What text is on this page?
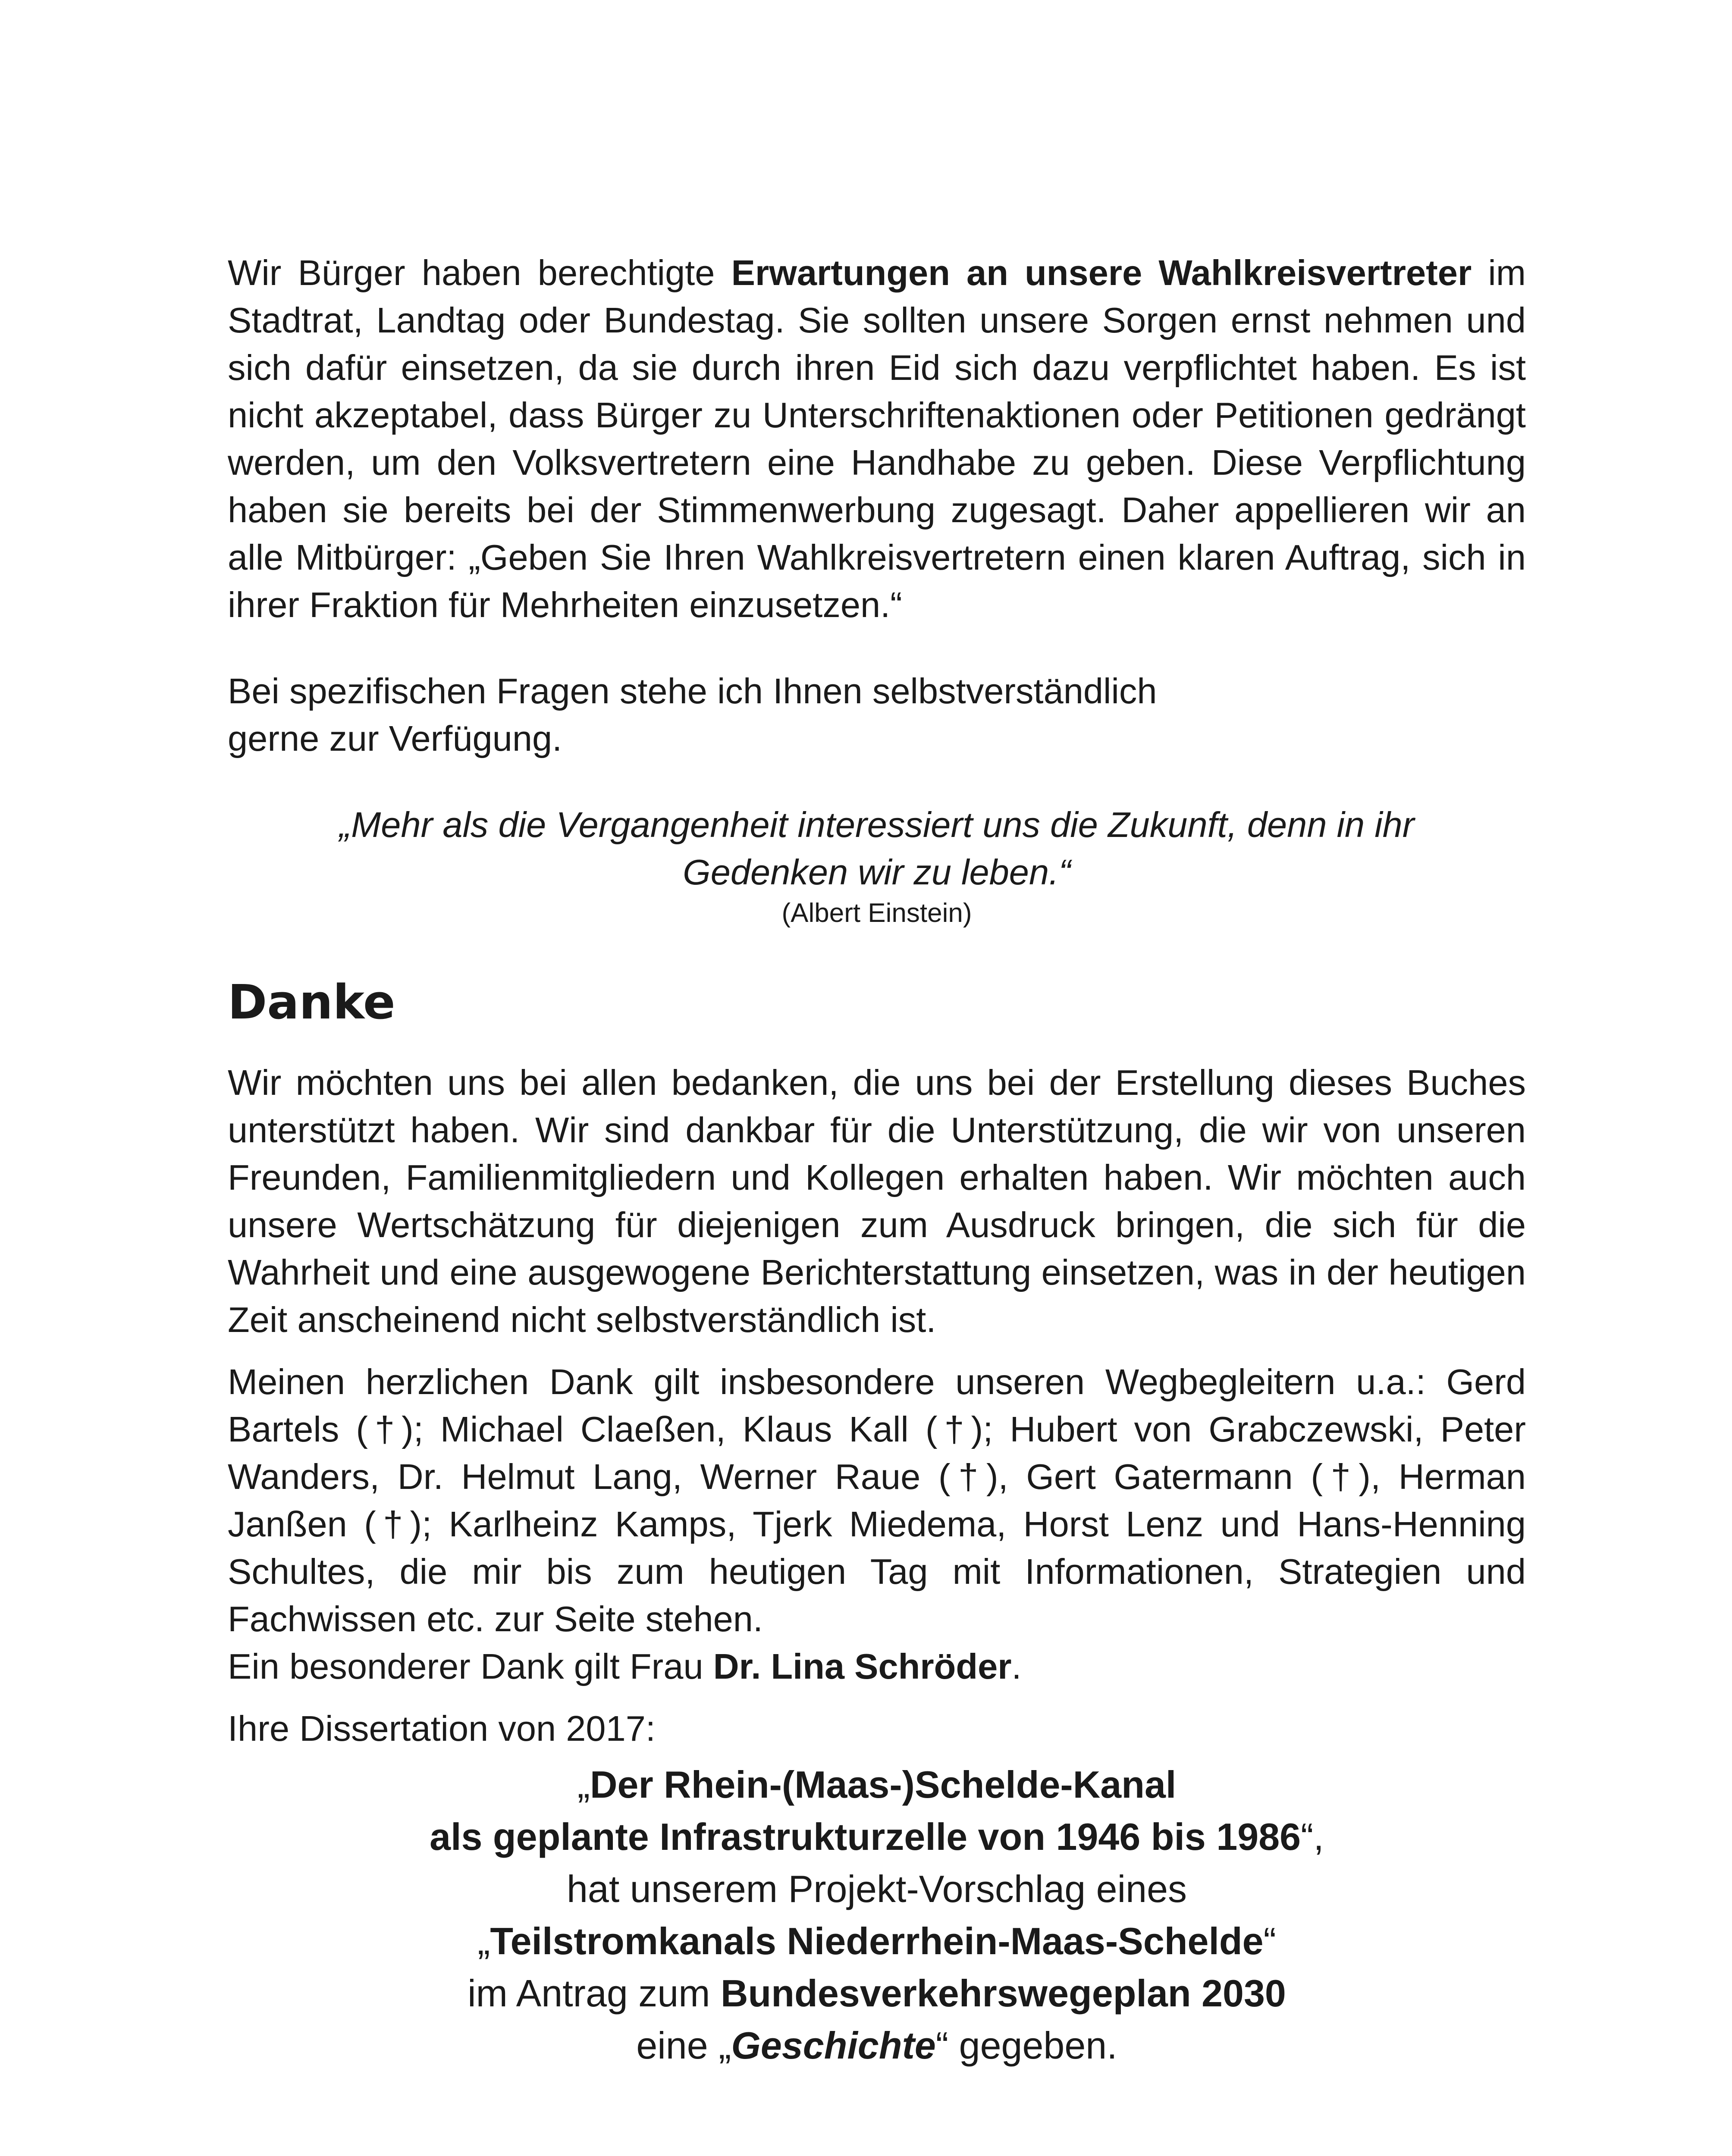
Wir Bürger haben berechtigte Erwartungen an unsere Wahlkreisvertreter im Stadtrat, Landtag oder Bundestag. Sie sollten unsere Sorgen ernst nehmen und sich dafür einsetzen, da sie durch ihren Eid sich dazu verpflichtet haben. Es ist nicht akzeptabel, dass Bürger zu Unterschriftenaktionen oder Petitionen gedrängt werden, um den Volksvertretern eine Handhabe zu geben. Diese Verpflichtung haben sie bereits bei der Stimmenwerbung zugesagt. Daher appellieren wir an alle Mitbürger: „Geben Sie Ihren Wahlkreisvertretern einen klaren Auftrag, sich in ihrer Fraktion für Mehrheiten einzusetzen.“

Bei spezifischen Fragen stehe ich Ihnen selbstverständlich
gerne zur Verfügung.

„Mehr als die Vergangenheit interessiert uns die Zukunft, denn in ihr
Gedenken wir zu leben.“

(Albert Einstein)

Danke

Wir möchten uns bei allen bedanken, die uns bei der Erstellung dieses Buches unterstützt haben. Wir sind dankbar für die Unterstützung, die wir von unseren Freunden, Familienmitgliedern und Kollegen erhalten haben. Wir möchten auch unsere Wertschätzung für diejenigen zum Ausdruck bringen, die sich für die Wahrheit und eine ausgewogene Berichterstattung einsetzen, was in der heutigen Zeit anscheinend nicht selbstverständlich ist.

Meinen herzlichen Dank gilt insbesondere unseren Wegbegleitern u.a.: Gerd Bartels (†); Michael Claeßen, Klaus Kall (†); Hubert von Grabczewski, Peter Wanders, Dr. Helmut Lang, Werner Raue (†), Gert Gatermann (†), Herman Janßen (†); Karlheinz Kamps, Tjerk Miedema, Horst Lenz und Hans-Henning Schultes, die mir bis zum heutigen Tag mit Informationen, Strategien und Fachwissen etc. zur Seite stehen.

Ein besonderer Dank gilt Frau Dr. Lina Schröder.

Ihre Dissertation von 2017:

„Der Rhein-(Maas-)Schelde-Kanal

als geplante Infrastrukturzelle von 1946 bis 1986“,

hat unserem Projekt-Vorschlag eines

„Teilstromkanals Niederrhein-Maas-Schelde“

im Antrag zum Bundesverkehrswegeplan 2030

eine „Geschichte“ gegeben.
